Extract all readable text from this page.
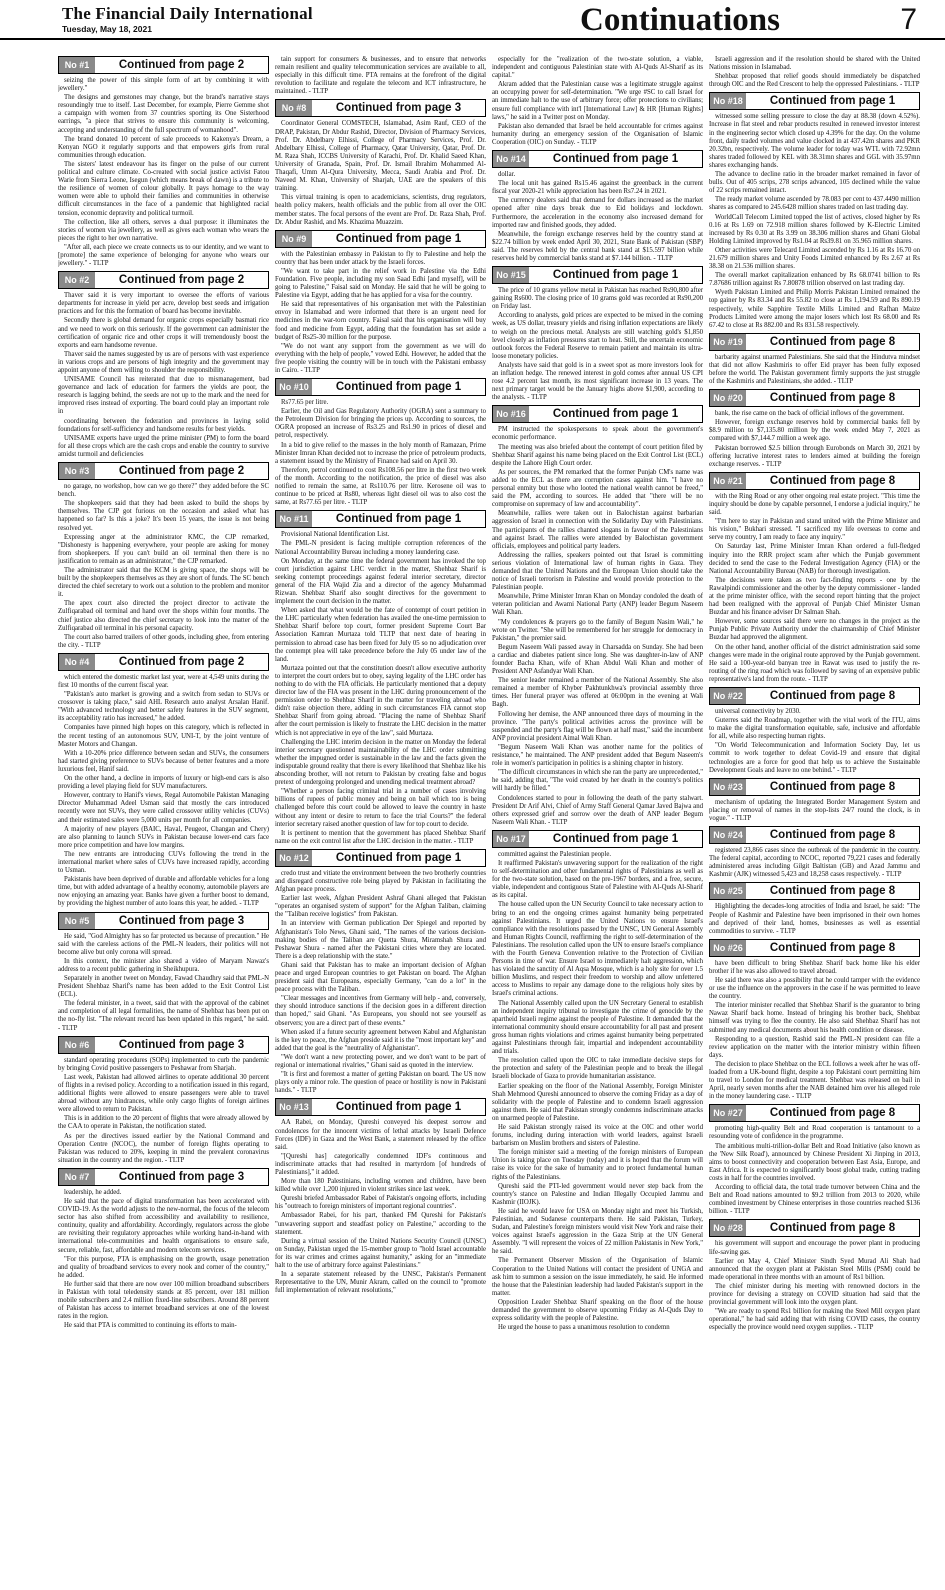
The Financial Daily International
Tuesday, May 18, 2021	Continuations	7
No #1	Continued from page 2

seizing the power of this simple form of art by combining it with jewellery."

The designs and gemstones may change, but the brand's narrative stays resoundingly true to itself. Last December, for example, Pierre Gemme shot a campaign with women from 37 countries sporting its One Sisterhood earrings, "a piece that strives to ensure this community is welcoming, accepting and understanding of the full spectrum of womanhood".

The brand donated 10 percent of sale proceeds to Kakenya's Dream, a Kenyan NGO it regularly supports and that empowers girls from rural communities through education.

The sisters' latest endeavour has its finger on the pulse of our current political and culture climate. Co-created with social justice activist Fatou Warie from Sierra Leone, Isegun (which means break of dawn) is a tribute to the resilience of women of colour globally. It pays homage to the way women were able to uphold their families and communities in otherwise difficult circumstances in the face of a pandemic that highlighted racial tension, economic depravity and political turmoil.

The collection, like all others, serves a dual purpose: it illuminates the stories of women via jewellery, as well as gives each woman who wears the pieces the right to her own narrative.

"After all, each piece we create connects us to our identity, and we want to [promote] the same experience of belonging for anyone who wears our jewellery." - TLTP

No #2	Continued from page 2

Thaver said it is very important to oversee the efforts of various departments for increase in yield per acre, develop best seeds and irrigation practices and for this the formation of board has become inevitable.

Secondly there is global demand for organic crops especially basmati rice and we need to work on this seriously. If the government can administer the certification of organic rice and other crops it will tremendously boost the exports and earn handsome revenue.

Thaver said the names suggested by us are of persons with vast experience in various crops and are persons of high integrity and the government may appoint anyone of them willing to shoulder the responsibility.

UNISAME Council has reiterated that due to mismanagement, bad governance and lack of education for farmers the yields are poor, the research is lagging behind, the seeds are not up to the mark and the need for improved rises instead of exporting. The board could play an important role in

coordinating between the federation and provinces in laying solid foundations for self-sufficiency and handsome results for best yields.

UNISAME experts have urged the prime minister (PM) to form the board for all these crops which are the cash crops and enable the country to survive amidst turmoil and deficiencies

No #3	Continued from page 2

no garage, no workshop, how can we go there?" they added before the SC bench.

The shopkeepers said that they had been asked to build the shops by themselves. The CJP got furious on the occasion and asked what has happened so far? Is this a joke? It's been 15 years, the issue is not being resolved yet.

Expressing anger at the administrator KMC, the CJP remarked, "Dishonesty is happening everywhere, your people are asking for money from shopkeepers. If you can't build an oil terminal then there is no justification to remain as an administrator," the CJP remarked.

The administrator said that the KCM is giving space, the shops will be built by the shopkeepers themselves as they are short of funds. The SC bench directed the chief secretary to work out a solution to the problem and monitor it.

The apex court also directed the project director to activate the Zulfiqarabad oil terminal and hand over the shops within four months. The chief justice also directed the chief secretary to look into the matter of the Zulfiqarabad oil terminal in his personal capacity.

The court also barred trailers of other goods, including ghee, from entering the city. - TLTP

No #4	Continued from page 2

which entered the domestic market last year, were at 4,549 units during the first 10 months of the current fiscal year.

"Pakistan's auto market is growing and a switch from sedan to SUVs or crossover is taking place," said AHL Research auto analyst Arsalan Hanif. "With advanced technology and better safety features in the SUV segment, its acceptability ratio has increased," he added.

Companies have pinned high hopes on this category, which is reflected in the recent testing of an autonomous SUV, UNI-T, by the joint venture of Master Motors and Changan.

With a 10-20% price difference between sedan and SUVs, the consumers had started giving preference to SUVs because of better features and a more luxurious feel, Hanif said.

On the other hand, a decline in imports of luxury or high-end cars is also providing a level playing field for SUV manufacturers.

However, contrary to Hanif's views, Regal Automobile Pakistan Managing Director Muhammad Adeel Usman said that mostly the cars introduced recently were not SUVs, they were called crossover utility vehicles (CUVs) and their estimated sales were 5,000 units per month for all companies.

A majority of new players (BAIC, Haval, Peugeot, Changan and Chery) are also planning to launch SUVs in Pakistan because lower-end cars face more price competition and have low margins.

The new entrants are introducing CUVs following the trend in the international market where sales of CUVs have increased rapidly, according to Usman.

Pakistanis have been deprived of durable and affordable vehicles for a long time, but with added advantage of a healthy economy, automobile players are now enjoying an amazing year. Banks have given a further boost to demand, by providing the highest number of auto loans this year, he added. - TLTP

No #5	Continued from page 3

He said, "God Almighty has so far protected us because of precaution." He said with the careless actions of the PML-N leaders, their politics will not become alive but only corona will spread.

In this context, the minister also shared a video of Maryam Nawaz's address to a recent public gathering in Sheikhupura.

Separately in another tweet on Monday, Fawad Chaudhry said that PML-N President Shehbaz Sharif's name has been added to the Exit Control List (ECL).

The federal minister, in a tweet, said that with the approval of the cabinet and completion of all legal formalities, the name of Shehbaz has been put on the no-fly list. "The relevant record has been updated in this regard," he said. - TLTP

No #6	Continued from page 3

standard operating procedures (SOPs) implemented to curb the pandemic by bringing Covid positive passengers to Peshawar from Sharjah.

Last week, Pakistan had allowed airlines to operate additional 30 percent of flights in a revised policy. According to a notification issued in this regard, additional flights were allowed to ensure passengers were able to travel abroad without any hindrances, while only cargo flights of foreign airlines were allowed to return to Pakistan.

This is in addition to the 20 percent of flights that were already allowed by the CAA to operate in Pakistan, the notification stated.

As per the directives issued earlier by the National Command and Operation Centre (NCOC), the number of foreign flights operating to Pakistan was reduced to 20%, keeping in mind the prevalent coronavirus situation in the country and the region. - TLTP

No #7	Continued from page 3

leadership, he added.

He said that the pace of digital transformation has been accelerated with COVID-19. As the world adjusts to the new-normal, the focus of the telecom sector has also shifted from accessibility and availability to resilience, continuity, quality and affordability. Accordingly, regulators across the globe are revisiting their regulatory approaches while working hand-in-hand with international tele-communities and health organisations to ensure safe, secure, reliable, fast, affordable and modern telecom services.

"For this purpose, PTA is emphasising on the growth, usage penetration and quality of broadband services to every nook and corner of the country," he added.

He further said that there are now over 100 million broadband subscribers in Pakistan with total teledensity stands at 85 percent, over 181 million mobile subscribers and 2.4 million fixed-line subscribers. Around 88 percent of Pakistan has access to internet broadband services at one of the lowest rates in the region.

He said that PTA is committed to continuing its efforts to main-

tain support for consumers & businesses, and to ensure that networks remain resilient and quality telecommunication services are available to all, especially in this difficult time. PTA remains at the forefront of the digital revolution to facilitate and regulate the telecom and ICT infrastructure, he maintained. - TLTP

No #8	Continued from page 3

Coordinator General COMSTECH, Islamabad, Asim Rauf, CEO of the DRAP, Pakistan, Dr Abdur Rashid, Director, Division of Pharmacy Services, Prof. Dr. Abdelbary Elhissi, College of Pharmacy Services, Prof. Dr. Abdelbary Elhissi, College of Pharmacy, Qatar University, Qatar, Prof. Dr. M. Raza Shah, ICCBS University of Karachi, Prof. Dr. Khalid Saeed Khan, University of Granada, Spain, Prof. Dr. Ismail Ibrahim Mohammed Al-Thaqafi, Umm Al-Qura University, Mecca, Saudi Arabia and Prof. Dr. Naveed M. Khan, University of Sharjah, UAE are the speakers of this training.

This virtual training is open to academicians, scientists, drug regulators, health policy makers, health officials and the public from all over the OIC member states. The focal persons of the event are Prof. Dr. Raza Shah, Prof. Dr. Abdur Rashid, and Ms. Khazima Muazzim.

No #9	Continued from page 1

with the Palestinian embassy in Pakistan to fly to Palestine and help the country that has been under attack by the Israeli forces.

"We want to take part in the relief work in Palestine via the Edhi Foundation. Five people, including my son Saad Edhi [and myself], will be going to Palestine," Faisal said on Monday. He said that he will be going to Palestine via Egypt, adding that he has applied for a visa for the country.

He said that representatives of his organisation met with the Palestinian envoy in Islamabad and were informed that there is an urgent need for medicines in the war-torn country. Faisal said that his organisation will buy food and medicine from Egypt, adding that the foundation has set aside a budget of Rs25-30 million for the purpose.

"We do not want any support from the government as we will do everything with the help of people," vowed Edhi. However, he added that the five people visiting the country will be in touch with the Pakistani embassy in Cairo. - TLTP

No #10	Continued from page 1

Rs77.65 per litre.

Earlier, the Oil and Gas Regulatory Authority (OGRA) sent a summary to the Petroleum Division for bringing the prices up. According to sources, the OGRA proposed an increase of Rs3.25 and Rs1.90 in prices of diesel and petrol, respectively.

In a bid to give relief to the masses in the holy month of Ramazan, Prime Minister Imran Khan decided not to increase the price of petroleum products, a statement issued by the Ministry of Finance had said on April 30.

Therefore, petrol continued to cost Rs108.56 per litre in the first two week of the month. According to the notification, the price of diesel was also notified to remain the same, at Rs110.76 per litre. Kerosene oil was to continue to be priced at Rs80, whereas light diesel oil was to also cost the same, at Rs77.65 per litre. - TLTP

No #11	Continued from page 1

Provisional National Identification List.

The PML-N president is facing multiple corruption references of the National Accountability Bureau including a money laundering case.

On Monday, at the same time the federal government has invoked the top court jurisdiction against LHC verdict in the matter, Shehbaz Sharif is seeking contempt proceedings against federal interior secretary, director general of the FIA Wajid Zia and a director of the agency Muhammad Rizwan. Shehbaz Sharif also sought directives for the government to implement the court decision in the matter.

When asked that what would be the fate of contempt of court petition in the LHC particularly when federation has availed the one-time permission to Shehbaz Sharif before top court, former president Supreme Court Bar Association Kamran Murtaza told TLTP that next date of hearing in permission to abroad case has been fixed for July 05 so no adjudication over the contempt plea will take precedence before the July 05 under law of the land.

Murtaza pointed out that the constitution doesn't allow executive authority to interpret the court orders but to obey, saying legality of the LHC order has nothing to do with the FIA officials. He particularly mentioned that a deputy director law of the FIA was present in the LHC during pronouncement of the permission order to Shehbaz Sharif in the matter for traveling abroad who didn't raise objection there, adding in such circumstances FIA cannot stop Shehbaz Sharif from going abroad. "Placing the name of Shehbaz Sharif after the court permission is likely to frustrate the LHC decision in the matter which is not appreciative in eye of the law", said Murtaza.

Challenging the LHC interim decision in the matter on Monday the federal interior secretary questioned maintainability of the LHC order submitting whether the impugned order is sustainable in the law and the facts given the indisputable ground reality that there is every likelihood that Shehbaz like his absconding brother, will not return to Pakistan by creating false and bogus pretext of undergoing prolonged and unending medical treatment abroad?

"Whether a person facing criminal trial in a number of cases involving billions of rupees of public money and being on bail which too is being challenged before this court could be allowed to leave the country in haste without any intent or desire to return to face the trial Courts?" the federal interior secretary raised another question of law for top court to decide.

It is pertinent to mention that the government has placed Shehbaz Sharif name on the exit control list after the LHC decision in the matter. - TLTP

No #12	Continued from page 1

credo trust and vitiate the environment between the two brotherly countries and disregard constructive role being played by Pakistan in facilitating the Afghan peace process.

Earlier last week, Afghan President Ashraf Ghani alleged that Pakistan "operates an organised system of support" for the Afghan Taliban, claiming the "Taliban receive logistics" from Pakistan.

In an interview with German publication Der Spiegel and reported by Afghanistan's Tolo News, Ghani said, "The names of the various decision-making bodies of the Taliban are Quetta Shura, Miramshah Shura and Peshawar Shura - named after the Pakistani cities where they are located. There is a deep relationship with the state."

Ghani said that Pakistan has to make an important decision of Afghan peace and urged European countries to get Pakistan on board. The Afghan president said that Europeans, especially Germany, "can do a lot" in the peace process with the Taliban.

"Clear messages and incentives from Germany will help - and, conversely, they should introduce sanctions if the decision goes in a different direction than hoped," said Ghani. "As Europeans, you should not see yourself as observers; you are a direct part of these events."

When asked if a future security agreement between Kabul and Afghanistan is the key to peace, the Afghan preside said it is the "most important key" and added that the goal is the "neutrality of Afghanistan".

"We don't want a new protecting power, and we don't want to be part of regional or international rivalries," Ghani said as quoted in the interview.

"It is first and foremost a matter of getting Pakistan on board. The US now plays only a minor role. The question of peace or hostility is now in Pakistani hands." - TLTP

No #13	Continued from page 1

AA Rabei, on Monday, Qureshi conveyed his deepest sorrow and condolences for the innocent victims of lethal attacks by Israeli Defence Forces (IDF) in Gaza and the West Bank, a statement released by the office said.

"[Qureshi has] categorically condemned IDF's continuous and indiscriminate attacks that had resulted in martyrdom [of hundreds of Palestinians]," it added.

More than 180 Palestinians, including women and children, have been killed while over 1,200 injured in violent strikes since last week.

Qureshi briefed Ambassador Rabei of Pakistan's ongoing efforts, including his "outreach to foreign ministers of important regional countries".

Ambassador Rabei, for his part, thanked FM Qureshi for Pakistan's "unwavering support and steadfast policy on Palestine," according to the statement.

During a virtual session of the United Nations Security Council (UNSC) on Sunday, Pakistan urged the 15-member group to "hold Israel accountable for its war crimes and crimes against humanity," asking for an "immediate halt to the use of arbitrary force against Palestinians."

In a separate statement released by the UNSC, Pakistan's Permanent Representative to the UN, Munir Akram, called on the council to "promote full implementation of relevant resolutions,"

especially for the "realization of the two-state solution, a viable, independent and contiguous Palestinian state with Al-Quds Al-Sharif as its capital."

Akram added that the Palestinian cause was a legitimate struggle against an occupying power for self-determination. "We urge #SC to call Israel for an immediate halt to the use of arbitrary force; offer protections to civilians; ensure full compliance with int'l [International Law] & HR [Human Rights] laws," he said in a Twitter post on Monday.

Pakistan also demanded that Israel be held accountable for crimes against humanity during an emergency session of the Organisation of Islamic Cooperation (OIC) on Sunday. - TLTP

No #14	Continued from page 1

dollar.

The local unit has gained Rs15.46 against the greenback in the current fiscal year 2020-21 while appreciation has been Rs7.24 in 2021.

The currency dealers said that demand for dollars increased as the market opened after nine days break due to Eid holidays and lockdown. Furthermore, the acceleration in the economy also increased demand for imported raw and finished goods, they added.

Meanwhile, the foreign exchange reserves held by the country stand at $22.74 billion by week ended April 30, 2021, State Bank of Pakistan (SBP) said. The reserves held by the central bank stand at $15.597 billion while reserves held by commercial banks stand at $7.144 billion. - TLTP

No #15	Continued from page 1

The price of 10 grams yellow metal in Pakistan has reached Rs90,800 after gaining Rs600. The closing price of 10 grams gold was recorded at Rs90,200 on Friday last.

According to analysts, gold prices are expected to be mixed in the coming week, as US dollar, treasury yields and rising inflation expectations are likely to weigh on the precious metal. Analysts are still watching gold's $1,850 level closely as inflation pressures start to heat. Still, the uncertain economic outlook forces the Federal Reserve to remain patient and maintain its ultra-loose monetary policies.

Analysts have said that gold is in a sweet spot as more investors look for an inflation hedge. The renewed interest in gold comes after annual US CPI rose 4.2 percent last month, its most significant increase in 13 years. The next primary target would be the January highs above $1,900, according to the analysts. - TLTP

No #16	Continued from page 1

PM instructed the spokespersons to speak about the government's economic performance.

The meeting was also briefed about the contempt of court petition filed by Shehbaz Sharif against his name being placed on the Exit Control List (ECL) despite the Lahore High Court order.

As per sources, the PM remarked that the former Punjab CM's name was added to the ECL as there are corruption cases against him. "I have no personal enmity but those who looted the national wealth cannot be freed," said the PM, according to sources. He added that "there will be no compromise on supremacy of law and accountability".

Meanwhile, rallies were taken out in Balochistan against barbarian aggression of Israel in connection with the Solidarity Day with Palestinians. The participants of the rallies chanted slogans in favour of the Palestinians and against Israel. The rallies were attended by Balochistan government officials, employees and political party leaders.

Addressing the rallies, speakers pointed out that Israel is committing serious violation of International law of human rights in Gaza. They demanded that the United Nations and the European Union should take the notice of Israeli terrorism in Palestine and would provide protection to the Palestinian people.

Meanwhile, Prime Minister Imran Khan on Monday condoled the death of veteran politician and Awami National Party (ANP) leader Begum Naseem Wali Khan.

"My condolences & prayers go to the family of Begum Nasim Wali," he wrote on Twitter. "She will be remembered for her struggle for democracy in Pakistan," the premier said.

Begum Naseem Wali passed away in Charsadda on Sunday. She had been a cardiac and diabetes patient since long. She was daughter-in-law of ANP founder Bacha Khan, wife of Khan Abdul Wali Khan and mother of President ANP Asfandyar Wali Khan.

The senior leader remained a member of the National Assembly. She also remained a member of Khyber Pakhtunkhwa's provincial assembly three times. Her funeral prayer was offered at 06:00pm in the evening at Wali Bagh.

Following her demise, the ANP announced three days of mourning in the province. "The party's political activities across the province will be suspended and the party's flag will be flown at half mast," said the incumbent ANP provincial president Aimal Wali Khan.

"Begum Naseem Wali Khan was another name for the politics of resistance," he maintained. The ANP president added that Begum Naseem's role in women's participation in politics is a shining chapter in history.

"The difficult circumstances in which she ran the party are unprecedented," he said, adding that, "The void created by her death in the country's politics will hardly be filled."

Condolences started to pour in following the death of the party stalwart. President Dr Arif Alvi, Chief of Army Staff General Qamar Javed Bajwa and others expressed grief and sorrow over the death of ANP leader Begum Naseem Wali Khan. - TLTP

No #17	Continued from page 1

committed against the Palestinian people.

It reaffirmed Pakistan's unwavering support for the realization of the right to self-determination and other fundamental rights of Palestinians as well as for the two-state solution, based on the pre-1967 borders, and a free, secure, viable, independent and contiguous State of Palestine with Al-Quds Al-Sharif as its capital.

The house called upon the UN Security Council to take necessary action to bring to an end the ongoing crimes against humanity being perpetrated against Palestinians. It urged the United Nations to ensure Israel's compliance with the resolutions passed by the UNSC, UN General Assembly and Human Rights Council, reaffirming the right to self-determination of the Palestinians. The resolution called upon the UN to ensure Israel's compliance with the Fourth Geneva Convention relative to the Protection of Civilian Persons in time of war. Ensure Israel to immediately halt aggression, which has violated the sanctity of Al Aqsa Mosque, which is a holy site for over 1.5 billion Muslims, and respect their freedom to worship and allow unfettered access to Muslims to repair any damage done to the religious holy sites by Israel's criminal actions.

The National Assembly called upon the UN Secretary General to establish an independent inquiry tribunal to investigate the crime of genocide by the apartheid Israeli regime against the people of Palestine. It demanded that the international community should ensure accountability for all past and present gross human rights violations and crimes against humanity being perpetrated against Palestinians through fair, impartial and independent accountability and trials.

The resolution called upon the OIC to take immediate decisive steps for the protection and safety of the Palestinian people and to break the illegal Israeli blockade of Gaza to provide humanitarian assistance.

Earlier speaking on the floor of the National Assembly, Foreign Minister Shah Mehmood Qureshi announced to observe the coming Friday as a day of solidarity with the people of Palestine and to condemn Israeli aggression against them. He said that Pakistan strongly condemns indiscriminate attacks on unarmed people of Palestine.

He said Pakistan strongly raised its voice at the OIC and other world forums, including during interaction with world leaders, against Israeli barbarism on Muslim brothers and sisters of Palestine.

The foreign minister said a meeting of the foreign ministers of European Union is taking place on Tuesday (today) and it is hoped that the forum will raise its voice for the sake of humanity and to protect fundamental human rights of the Palestinians.

Qureshi said the PTI-led government would never step back from the country's stance on Palestine and Indian Illegally Occupied Jammu and Kashmir (IIOJK).

He said he would leave for USA on Monday night and meet his Turkish, Palestinian, and Sudanese counterparts there. He said Pakistan, Turkey, Sudan, and Palestine's foreign ministers would visit New York and raise their voices against Israel's aggression in the Gaza Strip at the UN General Assembly. "I will represent the voices of 22 million Pakistanis in New York," he said.

The Permanent Observer Mission of the Organisation of Islamic Cooperation to the United Nations will contact the president of UNGA and ask him to summon a session on the issue immediately, he said. He informed the house that the Palestinian leadership had lauded Pakistan's support in the matter.

Opposition Leader Shehbaz Sharif speaking on the floor of the house demanded the government to observe upcoming Friday as Al-Quds Day to express solidarity with the people of Palestine.

He urged the house to pass a unanimous resolution to condemn

Israeli aggression and if the resolution should be shared with the United Nations mission in Islamabad.

Shehbaz proposed that relief goods should immediately be dispatched through OIC and the Red Crescent to help the oppressed Palestinians. - TLTP

No #18	Continued from page 1

witnessed some selling pressure to close the day at 88.38 (down 4.52%). Increase in flat steel and rebar products resulted in renewed investor interest in the engineering sector which closed up 4.39% for the day. On the volume front, daily traded volumes and value clocked in at 437.42m shares and PKR 20.32bn, respectively. The volume leader for today was WTL with 72.92mn shares traded followed by KEL with 38.31mn shares and GGL with 35.97mn shares exchanging hands.

The advance to decline ratio in the broader market remained in favor of bulls. Out of 405 scrips, 278 scrips advanced, 105 declined while the value of 22 scrips remained intact.

The ready market volume ascended by 78.083 per cent to 437.4490 million shares as compared to 245.6428 million shares traded on last trading day.

WorldCall Telecom Limited topped the list of actives, closed higher by Rs 0.16 at Rs 1.69 on 72.918 million shares followed by K-Electric Limited increased by Rs 0.30 at Rs 3.99 on 38.306 million shares and Ghani Global Holding Limited improved by Rs1.04 at Rs39.81 on 35.965 million shares.

Other activities were Telecard Limited ascended by Rs 1.16 at Rs 16.70 on 21.679 million shares and Unity Foods Limited enhanced by Rs 2.67 at Rs 38.38 on 21.536 million shares.

The overall market capitalization enhanced by Rs 68.0741 billion to Rs 7.87686 trillion against Rs 7.80878 trillion observed on last trading day.

Wyeth Pakistan Limited and Philip Morris Pakistan Limited remained the top gainer by Rs 83.34 and Rs 55.82 to close at Rs 1,194.59 and Rs 890.19 respectively, while Sapphire Textile Mills Limited and Rafhan Maize Products Limited were among the major losers which lost Rs 68.00 and Rs 67.42 to close at Rs 882.00 and Rs 831.58 respectively.

No #19	Continued from page 8

barbarity against unarmed Palestinians. She said that the Hindutva mindset that did not allow Kashmiris to offer Eid prayer has been fully exposed before the world. The Pakistan government firmly supports the just struggle of the Kashmiris and Palestinians, she added. - TLTP

No #20	Continued from page 8

bank, the rise came on the back of official inflows of the government.

However, foreign exchange reserves hold by commercial banks fell by $8.9 million to $7,135.80 million by the week ended May 7, 2021 as compared with $7,144.7 million a week ago.

Pakistan borrowed $2.5 billion through Eurobonds on March 30, 2021 by offering lucrative interest rates to lenders aimed at building the foreign exchange reserves. - TLTP

No #21	Continued from page 8

with the Ring Road or any other ongoing real estate project. "This time the inquiry should be done by capable personnel, I endorse a judicial inquiry," he said.

"I'm here to stay in Pakistan and stand united with the Prime Minister and his vision," Bukhari stressed. "I sacrificed my life overseas to come and serve my country, I am ready to face any inquiry."

On Saturday last, Prime Minister Imran Khan ordered a full-fledged inquiry into the RRR project scam after which the Punjab government decided to send the case to the Federal Investigation Agency (FIA) or the National Accountability Bureau (NAB) for thorough investigation.

The decisions were taken as two fact-finding reports - one by the Rawalpindi commissioner and the other by the deputy commissioner - landed at the prime minister office, with the second report hinting that the project had been realigned with the approval of Punjab Chief Minister Usman Buzdar and his finance adviser Dr Salman Shah.

However, some sources said there were no changes in the project as the Punjab Public Private Authority under the chairmanship of Chief Minister Buzdar had approved the alignment.

On the other hand, another official of the district administration said some changes were made in the original route approved by the Punjab government. He said a 100-year-old banyan tree in Rawat was used to justify the re-routing of the ring road which was followed by saving of an expensive public representative's land from the route. - TLTP

No #22	Continued from page 8

universal connectivity by 2030.

Guterres said the Roadmap, together with the vital work of the ITU, aims to make the digital transformation equitable, safe, inclusive and affordable for all, while also respecting human rights.

"On World Telecommunication and Information Society Day, let us commit to work together to defeat Covid-19 and ensure that digital technologies are a force for good that help us to achieve the Sustainable Development Goals and leave no one behind." - TLTP

No #23	Continued from page 8

mechanism of updating the Integrated Border Management System and placing or removal of names in the stop-lists 24/7 round the clock, is in vogue." - TLTP

No #24	Continued from page 8

registered 23,866 cases since the outbreak of the pandemic in the country. The federal capital, according to NCOC, reported 79,221 cases and federally administered areas including Gilgit Baltistan (GB) and Azad Jammu and Kashmir (AJK) witnessed 5,423 and 18,258 cases respectively. - TLTP

No #25	Continued from page 8

Highlighting the decades-long atrocities of India and Israel, he said: "The People of Kashmir and Palestine have been imprisoned in their own homes and deprived of their land, homes, businesses as well as essential commodities to survive. - TLTP

No #26	Continued from page 8

have been difficult to bring Shehbaz Sharif back home like his elder brother if he was also allowed to travel abroad.

He said there was also a possibility that he could tamper with the evidence or use the influence on the approvers in the case if he was permitted to leave the country.

The interior minister recalled that Shehbaz Sharif is the guarantor to bring Nawaz Sharif back home. Instead of bringing his brother back, Shehbaz himself was trying to flee the country. He also said Shehbaz Sharif has not submitted any medical documents about his health condition or disease.

Responding to a question, Rashid said the PML-N president can file a review application on the matter with the interior ministry within fifteen days.

The decision to place Shehbaz on the ECL follows a week after he was off-loaded from a UK-bound flight, despite a top Pakistani court permitting him to travel to London for medical treatment. Shehbaz was released on bail in April, nearly seven months after the NAB detained him over his alleged role in the money laundering case. - TLTP

No #27	Continued from page 8

promoting high-quality Belt and Road cooperation is tantamount to a resounding vote of confidence in the programme.

The ambitious multi-trillion-dollar Belt and Road Initiative (also known as the 'New Silk Road'), announced by Chinese President Xi Jinping in 2013, aims to boost connectivity and cooperation between East Asia, Europe, and East Africa. It is expected to significantly boost global trade, cutting trading costs in half for the countries involved.

According to official data, the total trade turnover between China and the Belt and Road nations amounted to $9.2 trillion from 2013 to 2020, while combined investment by Chinese enterprises in those countries reached $136 billion. - TLTP

No #28	Continued from page 8

his government will support and encourage the power plant in producing life-saving gas.

Earlier on May 4, Chief Minister Sindh Syed Murad Ali Shah had announced that the oxygen plant at Pakistan Steel Mills (PSM) could be made operational in three months with an amount of Rs1 billion.

The chief minister during his meeting with renowned doctors in the province for devising a strategy on COVID situation had said that the provincial government will look into the oxygen plant.

"We are ready to spend Rs1 billion for making the Steel Mill oxygen plant operational," he had said adding that with rising COVID cases, the country especially the province would need oxygen supplies. - TLTP
